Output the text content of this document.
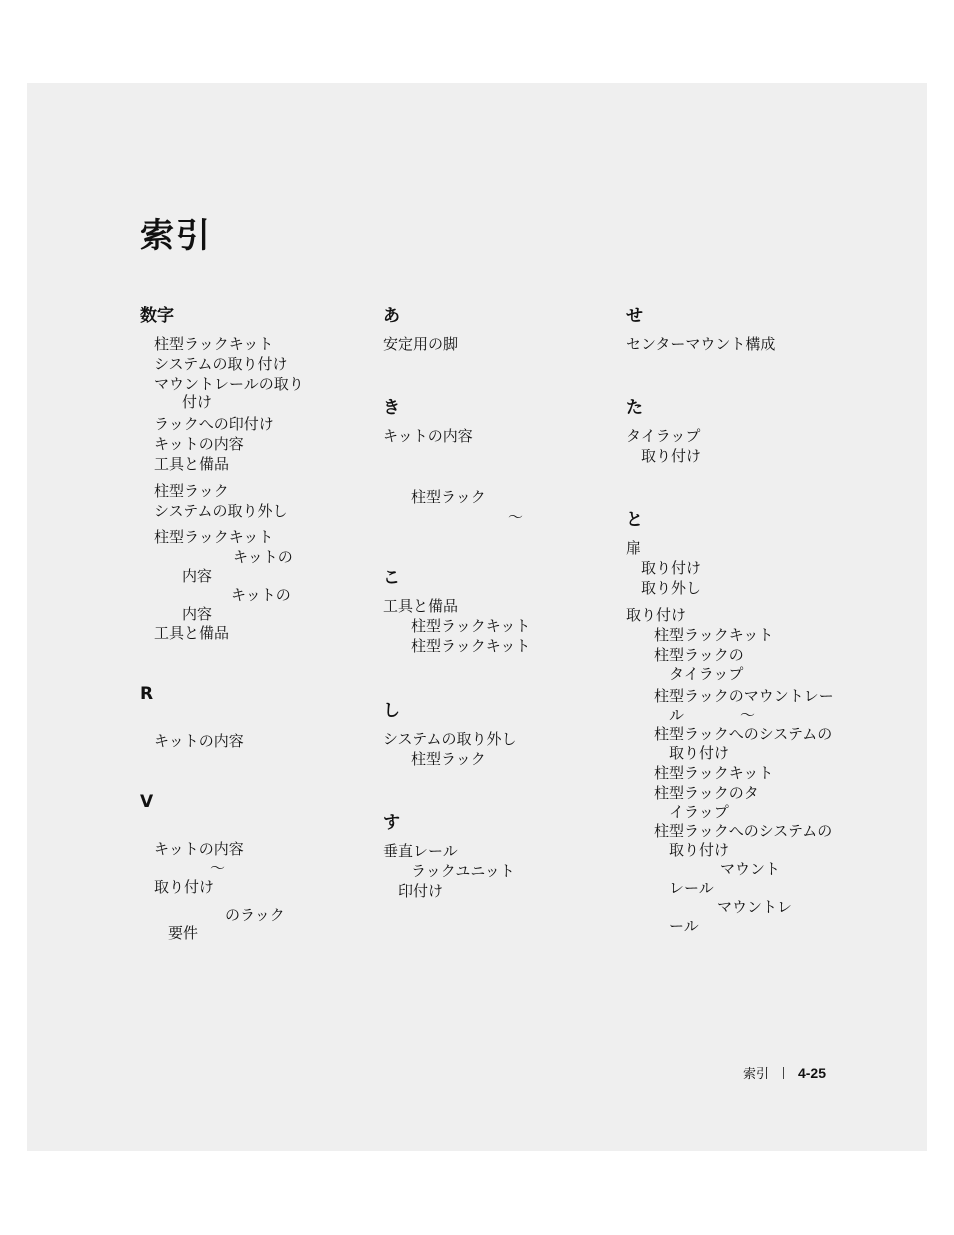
索引
数字
柱型ラックキット
システムの取り付け
マウントレールの取り
付け
ラックへの印付け
キットの内容
工具と備品
柱型ラック
システムの取り外し
柱型ラックキット
キットの
内容
キットの
内容
工具と備品
R
キットの内容
V
キットの内容
～
取り付け
のラック
要件
あ
安定用の脚
き
キットの内容
柱型ラック
～
こ
工具と備品
柱型ラックキット
柱型ラックキット
し
システムの取り外し
柱型ラック
す
垂直レール
ラックユニット
印付け
せ
センターマウント構成
た
タイラップ
取り付け
と
扉
取り付け
取り外し
取り付け
柱型ラックキット
柱型ラックの
タイラップ
柱型ラックのマウントレー
ル	～
柱型ラックへのシステムの
取り付け
柱型ラックキット
柱型ラックのタ
イラップ
柱型ラックへのシステムの
取り付け
マウント
レール
マウントレ
ール
索引 4-25
